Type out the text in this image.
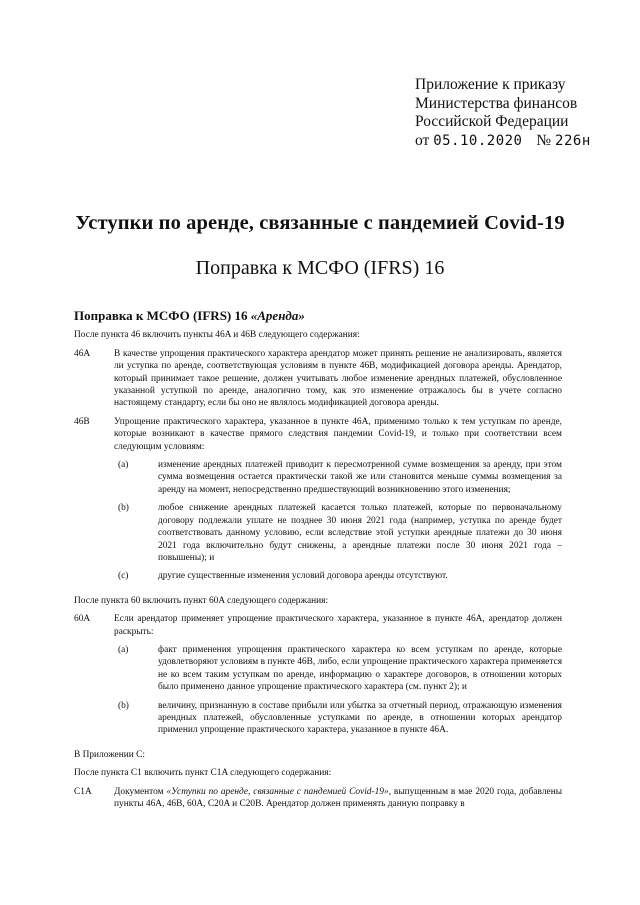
Приложение к приказу
Министерства финансов
Российской Федерации
от 05.10.2020 № 226н
Уступки по аренде, связанные с пандемией Covid-19
Поправка к МСФО (IFRS) 16
Поправка к МСФО (IFRS) 16 «Аренда»
После пункта 46 включить пункты 46A и 46B следующего содержания:
46A	В качестве упрощения практического характера арендатор может принять решение не анализировать, является ли уступка по аренде, соответствующая условиям в пункте 46B, модификацией договора аренды. Арендатор, который принимает такое решение, должен учитывать любое изменение арендных платежей, обусловленное указанной уступкой по аренде, аналогично тому, как это изменение отражалось бы в учете согласно настоящему стандарту, если бы оно не являлось модификацией договора аренды.
46B	Упрощение практического характера, указанное в пункте 46A, применимо только к тем уступкам по аренде, которые возникают в качестве прямого следствия пандемии Covid-19, и только при соответствии всем следующим условиям:
(a)	изменение арендных платежей приводит к пересмотренной сумме возмещения за аренду, при этом сумма возмещения остается практически такой же или становится меньше суммы возмещения за аренду на момент, непосредственно предшествующий возникновению этого изменения;
(b)	любое снижение арендных платежей касается только платежей, которые по первоначальному договору подлежали уплате не позднее 30 июня 2021 года (например, уступка по аренде будет соответствовать данному условию, если вследствие этой уступки арендные платежи до 30 июня 2021 года включительно будут снижены, а арендные платежи после 30 июня 2021 года – повышены); и
(c)	другие существенные изменения условий договора аренды отсутствуют.
После пункта 60 включить пункт 60A следующего содержания:
60A	Если арендатор применяет упрощение практического характера, указанное в пункте 46A, арендатор должен раскрыть:
(a)	факт применения упрощения практического характера ко всем уступкам по аренде, которые удовлетворяют условиям в пункте 46B, либо, если упрощение практического характера применяется не ко всем таким уступкам по аренде, информацию о характере договоров, в отношении которых было применено данное упрощение практического характера (см. пункт 2); и
(b)	величину, признанную в составе прибыли или убытка за отчетный период, отражающую изменения арендных платежей, обусловленные уступками по аренде, в отношении которых арендатор применил упрощение практического характера, указанное в пункте 46A.
В Приложении C:
После пункта C1 включить пункт C1A следующего содержания:
C1A	Документом «Уступки по аренде, связанные с пандемией Covid-19», выпущенным в мае 2020 года, добавлены пункты 46A, 46B, 60A, C20A и C20B. Арендатор должен применять данную поправку в
